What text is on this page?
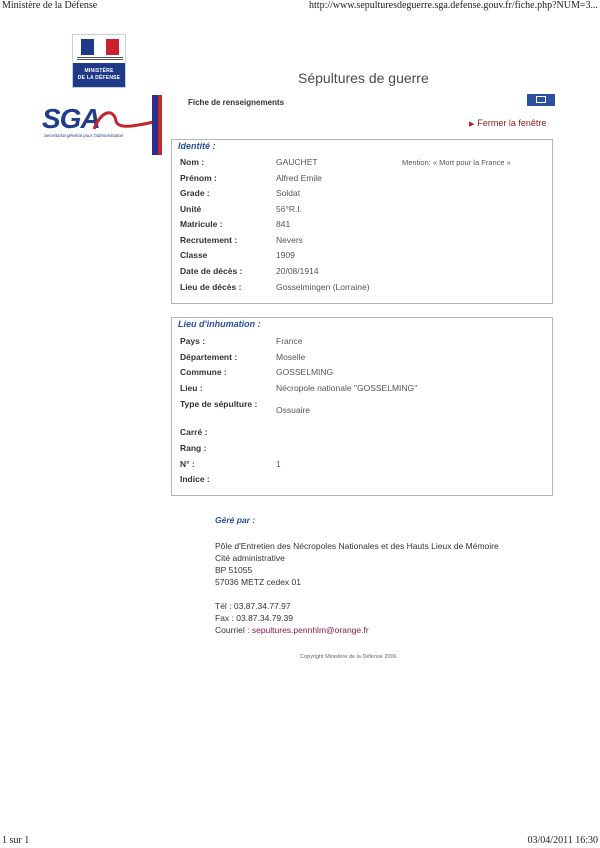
Ministère de la Défense	http://www.sepulturesdeguerre.sga.defense.gouv.fr/fiche.php?NUM=3...
1 sur 1	03/04/2011 16:30
MINISTÈRE
DE LA DÉFENSE	Sépultures de guerre
SGA
Secrétariat général pour l'administration
Fiche de renseignements
▶ Fermer la fenêtre
Identité :
Mention: « Mort pour la France »
Nom :	GAUCHET
Prénom :	Alfred Emile
Grade :	Soldat
Unité	56°R.I.
Matricule :	841
Recrutement :	Nevers
Classe	1909
Date de décès :	20/08/1914
Lieu de décès :	Gosselmingen (Lorraine)
Lieu d'inhumation :
Pays :	France
Département :	Moselle
Commune :	GOSSELMING
Lieu :	Nécropole nationale "GOSSELMING"
Type de sépulture :
Ossuaire
Carré :
Rang :
N° :	1
Indice :
Géré par :
Pôle d'Entretien des Nécropoles Nationales et des Hauts Lieux de Mémoire
Cité administrative
BP 51055
57036 METZ cedex 01
Tél : 03.87.34.77.97
Fax : 03.87.34.79.39
Courriel : sepultures.pennhlm@orange.fr
Copyright Ministère de la Défense 2006
